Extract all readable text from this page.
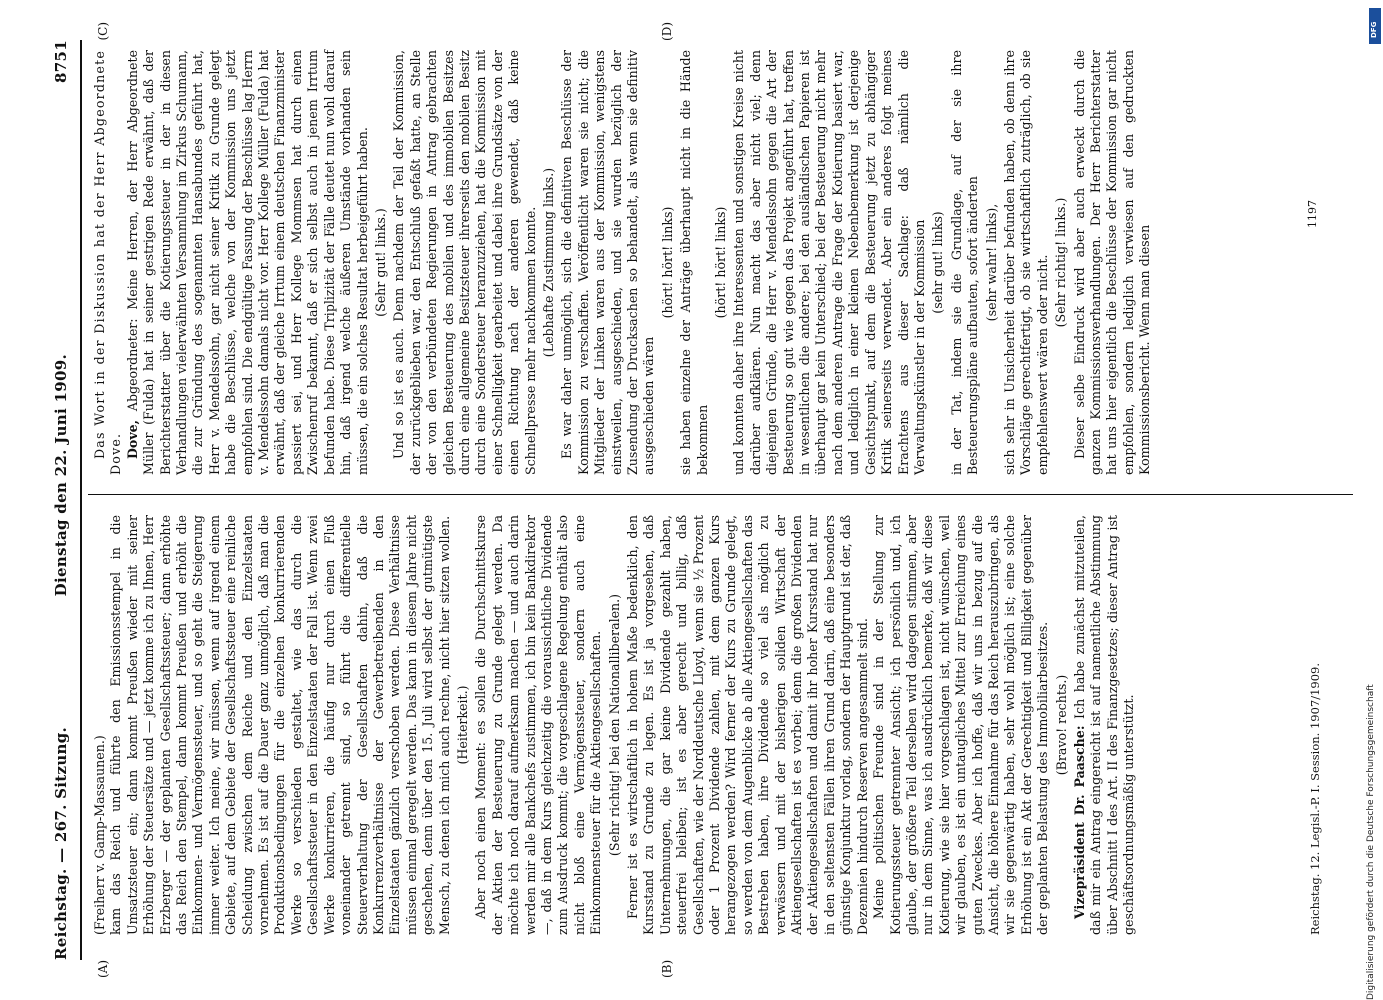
Reichstag. — 267. Sitzung.
Dienstag den 22. Juni 1909.  8751
(A)	(B)
(C)	(D)

(Freiherr v. Gamp-Massaunen.) kam das Reich und führte den Emissionsstempel in die Umsatzsteuer ein; dann kommt Preußen wieder mit seiner Erhöhung der Steuersätze und — jetzt komme ich zu Ihnen, Herr Erzberger — der geplanten Gesellschaftssteuer; dann erhöhte das Reich den Stempel, dann kommt Preußen und erhöht die Einkommen- und Vermögenssteuer, und so geht die Steigerung immer weiter. Ich meine, wir müssen, wenn auf irgend einem Gebiete, auf dem Gebiete der Gesellschaftssteuer eine reinliche Scheidung zwischen dem Reiche und den Einzelstaaten vornehmen. Es ist auf die Dauer ganz unmöglich, daß man die Produktionsbedingungen für die einzelnen konkurrierenden Werke so verschieden gestaltet, wie das durch die Gesellschaftssteuer in den Einzelstaaten der Fall ist. Wenn zwei Werke konkurrieren, die häufig nur durch einen Fluß voneinander getrennt sind, so führt die differentielle Steuerverhaltung der Gesellschaften dahin, daß die Konkurrenzverhältnisse der Gewerbetreibenden in den Einzelstaaten gänzlich verschoben werden. Diese Verhältnisse müssen einmal geregelt werden. Das kann in diesem Jahre nicht geschehen, denn über den 15. Juli wird selbst der gutmütigste Mensch, zu denen ich mich auch rechne, nicht hier sitzen wollen. (Heiterkeit.) Aber noch einen Moment: es sollen die Durchschnittskurse der Aktien der Besteuerung zu Grunde gelegt werden. Da möchte ich noch darauf aufmerksam machen — und auch darin werden mir alle Bankchefs zustimmen, ich bin kein Bankdirektor —, daß in dem Kurs gleichzeitig die voraussichtliche Dividende zum Ausdruck kommt; die vorgeschlagene Regelung enthält also nicht bloß eine Vermögenssteuer, sondern auch eine Einkommensteuer für die Aktiengesellschaften. (Sehr richtig! bei den Nationalliberalen.) Ferner ist es wirtschaftlich in hohem Maße bedenklich, den Kursstand zu Grunde zu legen. Es ist ja vorgesehen, daß Unternehmungen, die gar keine Dividende gezahlt haben, steuerfrei bleiben; ist es aber gerecht und billig, daß Gesellschaften, wie der Norddeutsche Lloyd, wenn sie ½ Prozent oder 1 Prozent Dividende zahlen, mit dem ganzen Kurs herangezogen werden? Wird ferner der Kurs zu Grunde gelegt, so werden von dem Augenblicke ab alle Aktiengesellschaften das Bestreben haben, ihre Dividende so viel als möglich zu verwässern und mit der bisherigen soliden Wirtschaft der Aktiengesellschaften ist es vorbei; denn die großen Dividenden der Aktiengesellschaften und damit ihr hoher Kursstand hat nur in den seltensten Fällen ihren Grund darin, daß eine besonders günstige Konjunktur vorlag, sondern der Hauptgrund ist der, daß Dezennien hindurch Reserven angesammelt sind. Meine politischen Freunde sind in der Stellung zur Kotierungssteuer getrennter Ansicht; ich persönlich und, ich glaube, der größere Teil derselben wird dagegen stimmen, aber nur in dem Sinne, was ich ausdrücklich bemerke, daß wir diese Kotierung, wie sie hier vorgeschlagen ist, nicht wünschen, weil wir glauben, es ist ein untaugliches Mittel zur Erreichung eines guten Zweckes. Aber ich hoffe, daß wir uns in bezug auf die Ansicht, die höhere Einnahme für das Reich herauszubringen, als wir sie gegenwärtig haben, sehr wohl möglich ist; eine solche Erhöhung ist ein Akt der Gerechtigkeit und Billigkeit gegenüber der geplanten Belastung des Immobiliarbesitzes. (Bravo! rechts.)

Vizepräsident Dr. Paasche: Ich habe zunächst mitzuteilen, daß mir ein Antrag eingereicht ist auf namentliche Abstimmung über Abschnitt I des Art. II des Finanzgesetzes; dieser Antrag ist geschäftsordnungsmäßig unterstützt.

Das Wort in der Diskussion hat der Herr Abgeordnete Dove. Dove, Abgeordneter: Meine Herren, der Herr Abgeordnete Müller (Fulda) hat in seiner gestrigen Rede erwähnt, daß der Berichterstatter über die Kotierungssteuer in der in diesen Verhandlungen vielerwähnten Versammlung im Zirkus Schumann, die zur Gründung des sogenannten Hansabundes geführt hat, Herr v. Mendelssohn, gar nicht seiner Kritik zu Grunde gelegt habe die Beschlüsse, welche von der Kommission uns jetzt empfohlen sind. Die endgültige Fassung der Beschlüsse lag Herrn v. Mendelssohn damals nicht vor. Herr Kollege Müller (Fulda) hat erwähnt, daß der gleiche Irrtum einem deutschen Finanzminister passiert sei, und Herr Kollege Mommsen hat durch einen Zwischenruf bekannt, daß er sich selbst auch in jenem Irrtum befunden habe. Diese Triplizität der Fälle deutet nun wohl darauf hin, daß irgend welche äußeren Umstände vorhanden sein müssen, die ein solches Resultat herbeigeführt haben. (Sehr gut! links.) Und so ist es auch. Denn nachdem der Teil der Kommission, der zurückgeblieben war, den Entschluß gefaßt hatte, an Stelle der von den verbündeten Regierungen in Antrag gebrachten gleichen Besteuerung des mobilen und des immobilen Besitzes durch eine allgemeine Besitzsteuer ihrerseits den mobilen Besitz durch eine Sondersteuer heranzuziehen, hat die Kommission mit einer Schnelligkeit gearbeitet und dabei ihre Grundsätze von der einen Richtung nach der anderen gewendet, daß keine Schnellpresse mehr nachkommen konnte. (Lebhafte Zustimmung links.) Es war daher unmöglich, sich die definitiven Beschlüsse der Kommission zu verschaffen. Veröffentlicht waren sie nicht; die Mitglieder der Linken waren aus der Kommission, wenigstens einstweilen, ausgeschieden, und sie wurden bezüglich der Zusendung der Drucksachen so behandelt, als wenn sie definitiv ausgeschieden wären

(hört! hört! links) sie haben einzelne der Anträge überhaupt nicht in die Hände bekommen

(hört! hört! links) und konnten daher ihre Interessenten und sonstigen Kreise nicht darüber aufklären. Nun macht das aber nicht viel; denn diejenigen Gründe, die Herr v. Mendelssohn gegen die Art der Besteuerung so gut wie gegen das Projekt angeführt hat, treffen in wesentlichen die andere; bei den ausländischen Papieren ist überhaupt gar kein Unterschied; bei der Besteuerung nicht mehr nach dem anderen Antrage die Frage der Kotierung basiert war, und lediglich in einer kleinen Nebenbemerkung ist derjenige Gesichtspunkt, auf dem die Besteuerung jetzt zu abhängiger Kritik seinerseits verwendet. Aber ein anderes folgt meines Erachtens aus dieser Sachlage: daß nämlich die Verwaltungskünstler in der Kommission (sehr gut! links) in der Tat, indem sie die Grundlage, auf der sie ihre Besteuerungspläne aufbauten, sofort änderten (sehr wahr! links), sich sehr in Unsicherheit darüber befunden haben, ob denn ihre Vorschläge gerechtfertigt, ob sie wirtschaftlich zuträglich, ob sie empfehlenswert wären oder nicht. (Sehr richtig! links.) Dieser selbe Eindruck wird aber auch erweckt durch die ganzen Kommissionsverhandlungen. Der Herr Berichterstatter hat uns hier eigentlich die Beschlüsse der Kommission gar nicht empfohlen, sondern lediglich verwiesen auf den gedruckten Kommissionsbericht. Wenn man diesen

Reichstag. 12. Legisl.-P. I. Session. 1907/1909.
1197
DFG
Digitalisierung gefördert durch die Deutsche Forschungsgemeinschaft
